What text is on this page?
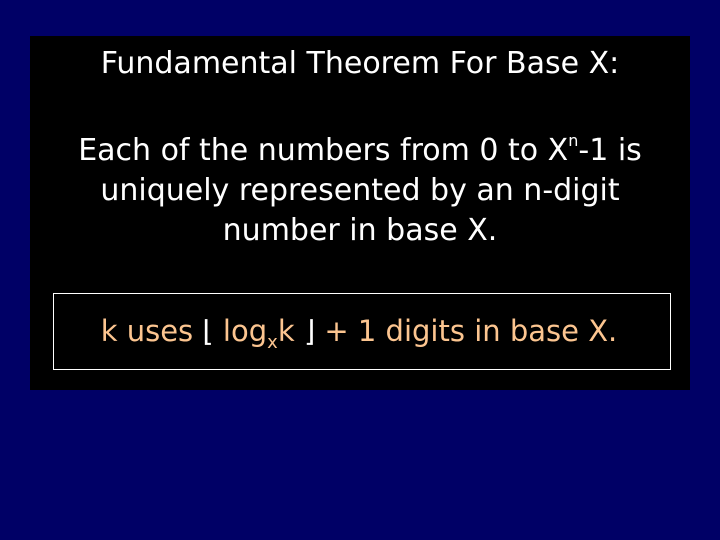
Fundamental Theorem For Base X:
Each of the numbers from 0 to $X^n-1$ is
uniquely represented by an n-digit
number in base X.
k uses ⌊ $\log_xk$ ⌋ + 1 digits in base X.
